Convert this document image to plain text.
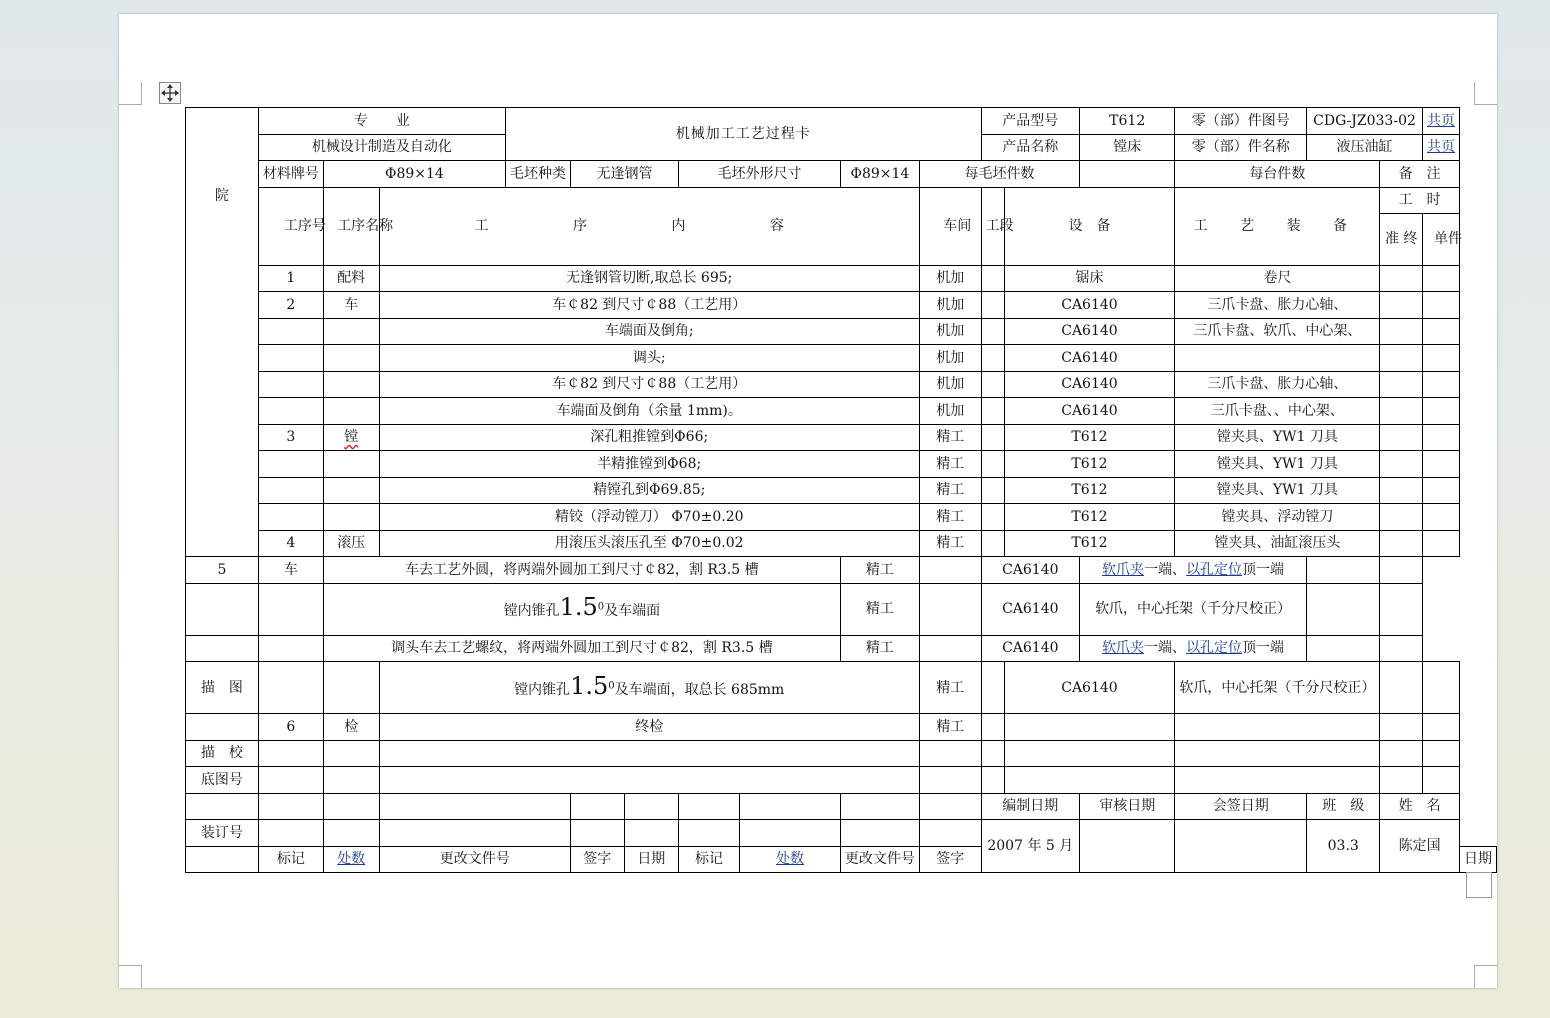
	专　　业			机械加工工艺过程卡							产品型号		T612	零（部）件图号	CDG-JZ033-02		共页	
	机械设计制造及自动化										产品名称		镗床	零（部）件名称	液压油缸		共页	
	材料牌号	Φ89×14		毛坯种类	无逢钢管		毛坯外形尺寸		Φ89×14	每毛坯件数				每台件数		备　注		
院	工序号	工序名称	工 序 内 容							车间	工段	设　备		工 艺 装 备		工　时		
																准 终	单件	

	1	配料	无逢钢管切断,取总长 695;							机加		锯床		卷尺				
	2	车	车￠82 到尺寸￠88（工艺用）							机加		CA6140		三爪卡盘、胀力心轴、				
			车端面及倒角;							机加		CA6140		三爪卡盘、软爪、中心架、				
			调头;							机加		CA6140						
			车￠82 到尺寸￠88（工艺用）							机加		CA6140		三爪卡盘、胀力心轴、				
			车端面及倒角（余量 1mm)。							机加		CA6140		三爪卡盘、、中心架、				
	3	镗	深孔粗推镗到Φ66;							精工		T612		镗夹具、YW1 刀具				
			半精推镗到Φ68;							精工		T612		镗夹具、YW1 刀具				
			精镗孔到Φ69.85;							精工		T612		镗夹具、YW1 刀具				
			精铰（浮动镗刀） Φ70±0.20							精工		T612		镗夹具、浮动镗刀				
	4	滚压	用滚压头滚压孔至 Φ70±0.02							精工		T612		镗夹具、油缸滚压头				
5	车	车去工艺外圆，将两端外圆加工到尺寸￠82，割 R3.5 槽							精工		CA6140		软爪夹一端、以孔定位顶一端					
		镗内锥孔$1.5^0$及车端面							精工		CA6140		软爪，中心托架（千分尺校正）					
		调头车去工艺螺纹，将两端外圆加工到尺寸￠82，割 R3.5 槽							精工		CA6140		软爪夹一端、以孔定位顶一端					
描　图			镗内锥孔$1.5^0$及车端面，取总长 685mm							精工		CA6140		软爪，中心托架（千分尺校正）				
	6	检	终检							精工								
描　校																		
底图号																		
											编制日期		审核日期	会签日期	班　级	姓　名		
装订号											2007 年 5 月				03.3	陈定国		
	标记	处数	更改文件号		签字	日期	标记	处数	更改文件号	签字								日期
